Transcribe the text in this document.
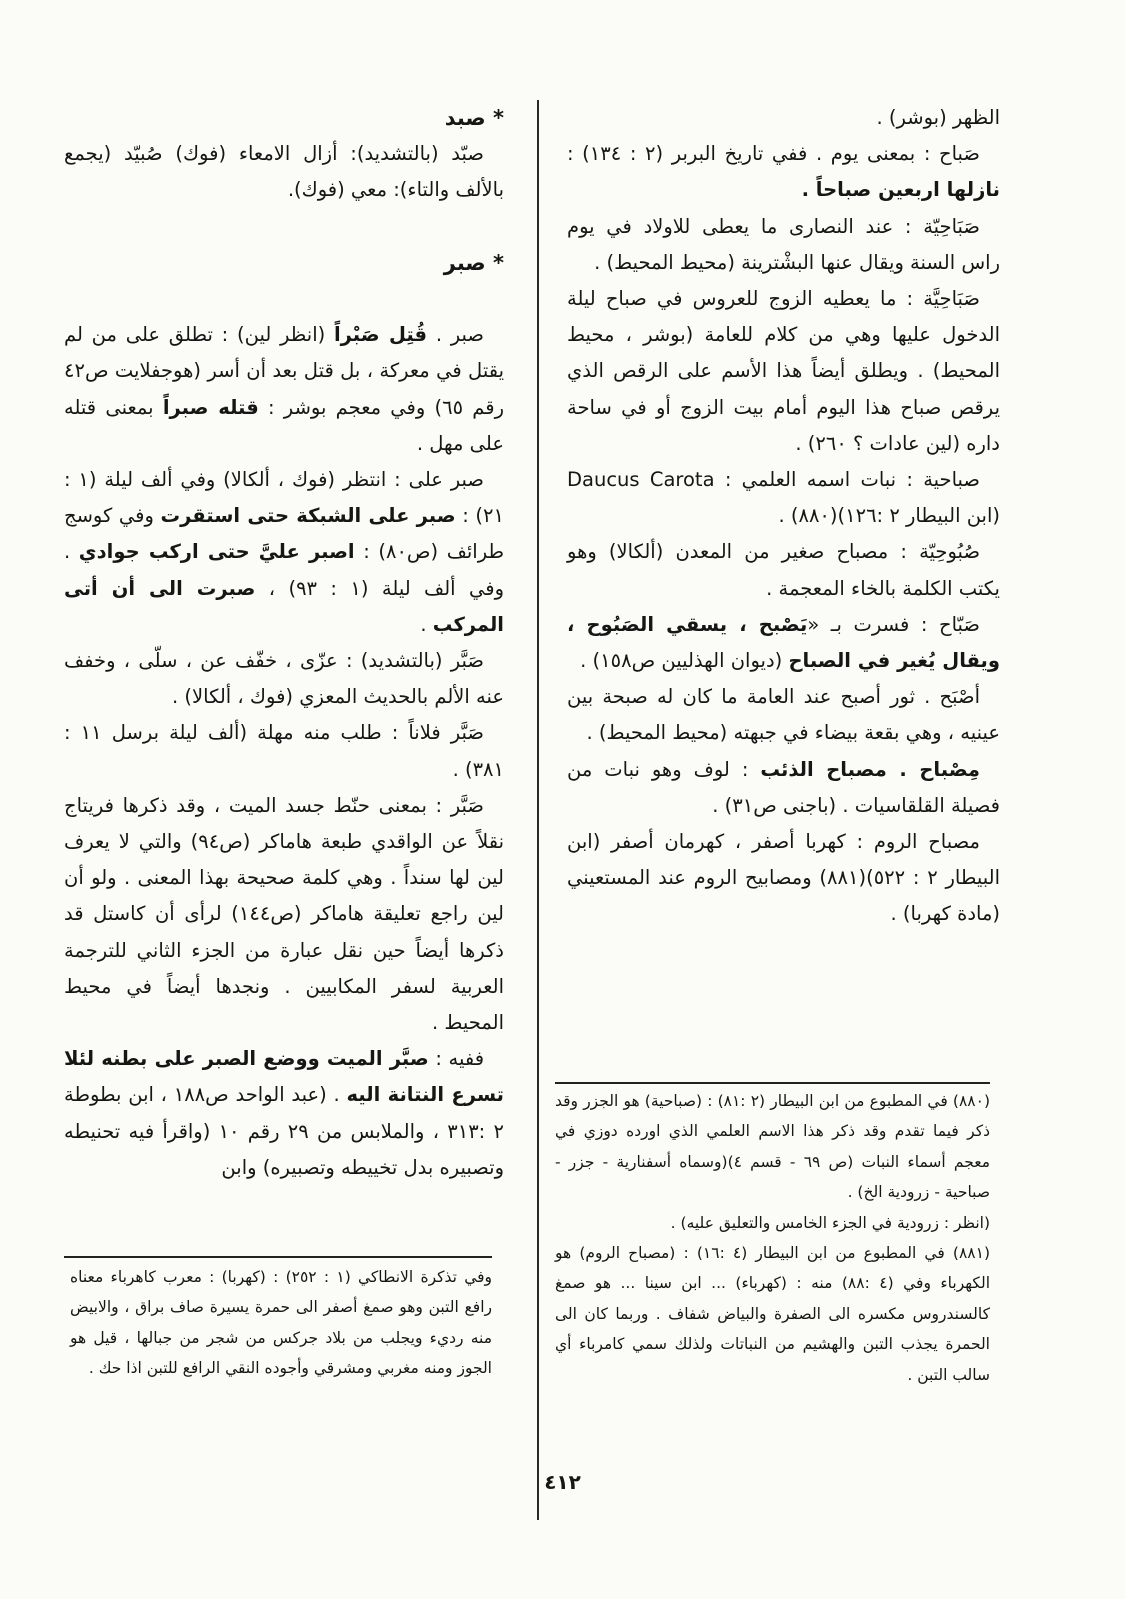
الظهر (بوشر) .

صَباح : بمعنى يوم . ففي تاريخ البربر (٢ : ١٣٤) : نازلها اربعين صباحاً .

صَبَاحِيّة : عند النصارى ما يعطى للاولاد في يوم راس السنة ويقال عنها البشْترينة (محيط المحيط) .

صَبَاحِيَّة : ما يعطيه الزوج للعروس في صباح ليلة الدخول عليها وهي من كلام للعامة (بوشر ، محيط المحيط) . ويطلق أيضاً هذا الأسم على الرقص الذي يرقص صباح هذا اليوم أمام بيت الزوج أو في ساحة داره (لين عادات ؟ ٢٦٠) .

صباحية : نبات اسمه العلمي : Daucus Carota (ابن البيطار ٢ :١٢٦)(٨٨٠) .

صُبُوحِيّة : مصباح صغير من المعدن (ألكالا) وهو يكتب الكلمة بالخاء المعجمة .

صَبّاح : فسرت بـ «يَصْبح ، يسقي الصَبُوح ، ويقال يُغير في الصباح (ديوان الهذليين ص١٥٨) .

أصْبَح . ثور أصبح عند العامة ما كان له صبحة بين عينيه ، وهي بقعة بيضاء في جبهته (محيط المحيط) .

مِصْباح . مصباح الذئب : لوف وهو نبات من فصيلة القلقاسيات . (باجنى ص٣١) .

مصباح الروم : كهربا أصفر ، كهرمان أصفر (ابن البيطار ٢ : ٥٢٢)(٨٨١) ومصابيح الروم عند المستعيني (مادة كهربا) .

* صبد

صبّد (بالتشديد): أزال الامعاء (فوك) صُبيّد (يجمع بالألف والتاء): معي (فوك).

* صبر

صبر . قُتِل صَبْراً (انظر لين) : تطلق على من لم يقتل في معركة ، بل قتل بعد أن أسر (هوجفلايت ص٤٢ رقم ٦٥) وفي معجم بوشر : قتله صبراً بمعنى قتله على مهل .

صبر على : انتظر (فوك ، ألكالا) وفي ألف ليلة (١ : ٢١) : صبر على الشبكة حتى استقرت وفي كوسج طرائف (ص٨٠) : اصبر عليَّ حتى اركب جوادي . وفي ألف ليلة (١ : ٩٣) ، صبرت الى أن أتى المركب .

صَبَّر (بالتشديد) : عزّى ، خفّف عن ، سلّى ، وخفف عنه الألم بالحديث المعزي (فوك ، ألكالا) .

صَبَّر فلاناً : طلب منه مهلة (ألف ليلة برسل ١١ : ٣٨١) .

صَبَّر : بمعنى حنّط جسد الميت ، وقد ذكرها فريتاج نقلاً عن الواقدي طبعة هاماكر (ص٩٤) والتي لا يعرف لين لها سنداً . وهي كلمة صحيحة بهذا المعنى . ولو أن لين راجع تعليقة هاماكر (ص١٤٤) لرأى أن كاستل قد ذكرها أيضاً حين نقل عبارة من الجزء الثاني للترجمة العربية لسفر المكابيين . ونجدها أيضاً في محيط المحيط .

ففيه : صبَّر الميت ووضع الصبر على بطنه لئلا تسرع النتانة اليه . (عبد الواحد ص١٨٨ ، ابن بطوطة ٢ :٣١٣ ، والملابس من ٢٩ رقم ١٠ (واقرأ فيه تحنيطه وتصبيره بدل تخييطه وتصبيره) وابن

(٨٨٠) في المطبوع من ابن البيطار (٢ :٨١) : (صباحية) هو الجزر وقد ذكر فيما تقدم وقد ذكر هذا الاسم العلمي الذي اورده دوزي في معجم أسماء النبات (ص ٦٩ - قسم ٤)(وسماه أسفنارية - جزر - صباحية - زرودية الخ) .

(انظر : زرودية في الجزء الخامس والتعليق عليه) .

(٨٨١) في المطبوع من ابن البيطار (٤ :١٦) : (مصباح الروم) هو الكهرباء وفي (٤ :٨٨) منه : (كهرباء) ... ابن سينا ... هو صمغ كالسندروس مكسره الى الصفرة والبياض شفاف . وربما كان الى الحمرة يجذب التبن والهشيم من النباتات ولذلك سمي كامرباء أي سالب التبن .

وفي تذكرة الانطاكي (١ : ٢٥٢) : (كهربا) : معرب كاهرباء معناه رافع التبن وهو صمغ أصفر الى حمرة يسيرة صاف براق ، والابيض منه رديء ويجلب من بلاد جركس من شجر من جبالها ، قيل هو الجوز ومنه مغربي ومشرقي وأجوده النقي الرافع للتبن اذا حك .

٤١٢
